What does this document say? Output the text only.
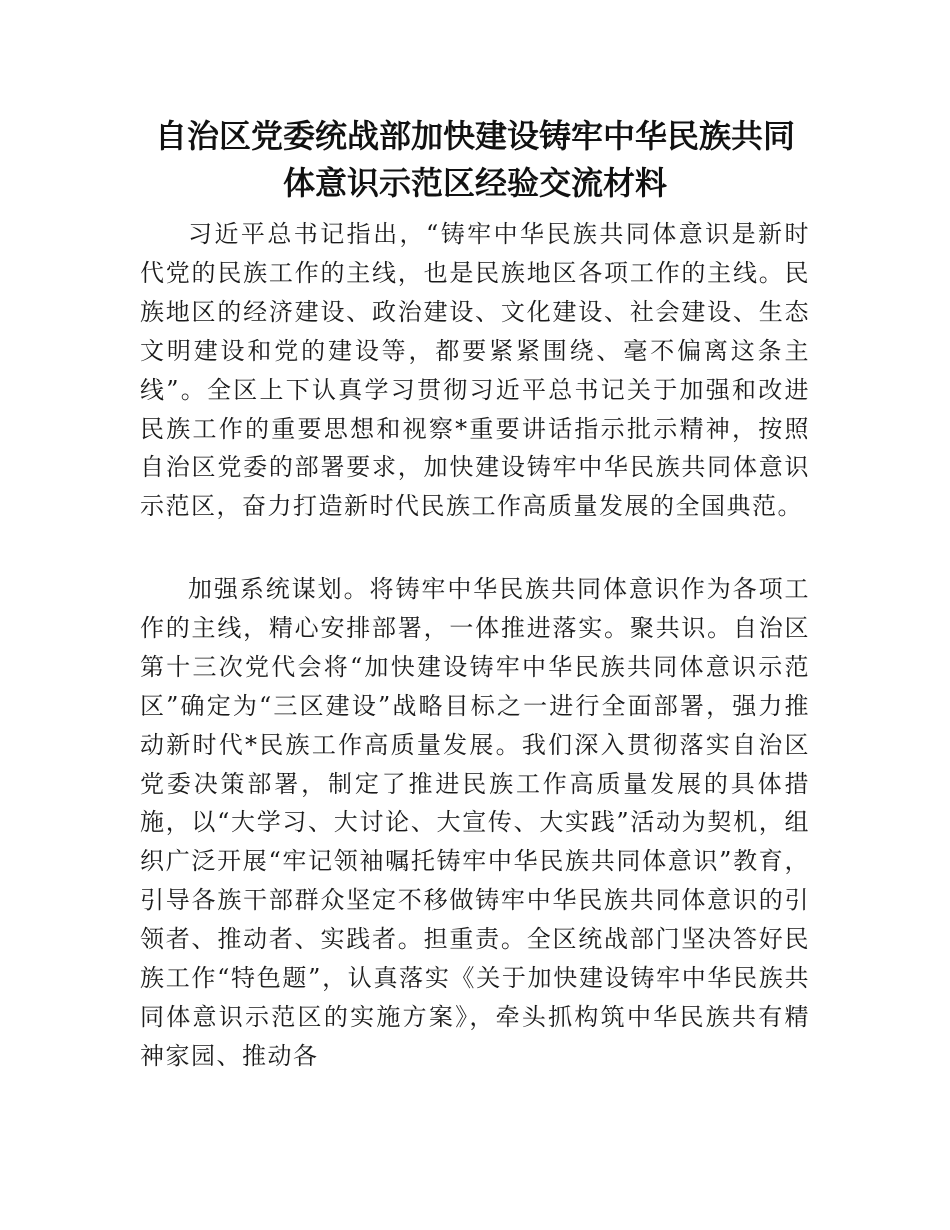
自治区党委统战部加快建设铸牢中华民族共同体意识示范区经验交流材料

习近平总书记指出，“铸牢中华民族共同体意识是新时代党的民族工作的主线，也是民族地区各项工作的主线。民族地区的经济建设、政治建设、文化建设、社会建设、生态文明建设和党的建设等，都要紧紧围绕、毫不偏离这条主线”。全区上下认真学习贯彻习近平总书记关于加强和改进民族工作的重要思想和视察*重要讲话指示批示精神，按照自治区党委的部署要求，加快建设铸牢中华民族共同体意识示范区，奋力打造新时代民族工作高质量发展的全国典范。

加强系统谋划。将铸牢中华民族共同体意识作为各项工作的主线，精心安排部署，一体推进落实。聚共识。自治区第十三次党代会将“加快建设铸牢中华民族共同体意识示范区”确定为“三区建设”战略目标之一进行全面部署，强力推动新时代*民族工作高质量发展。我们深入贯彻落实自治区党委决策部署，制定了推进民族工作高质量发展的具体措施，以“大学习、大讨论、大宣传、大实践”活动为契机，组织广泛开展“牢记领袖嘱托铸牢中华民族共同体意识”教育，引导各族干部群众坚定不移做铸牢中华民族共同体意识的引领者、推动者、实践者。担重责。全区统战部门坚决答好民族工作“特色题”，认真落实《关于加快建设铸牢中华民族共同体意识示范区的实施方案》，牵头抓构筑中华民族共有精神家园、推动各
